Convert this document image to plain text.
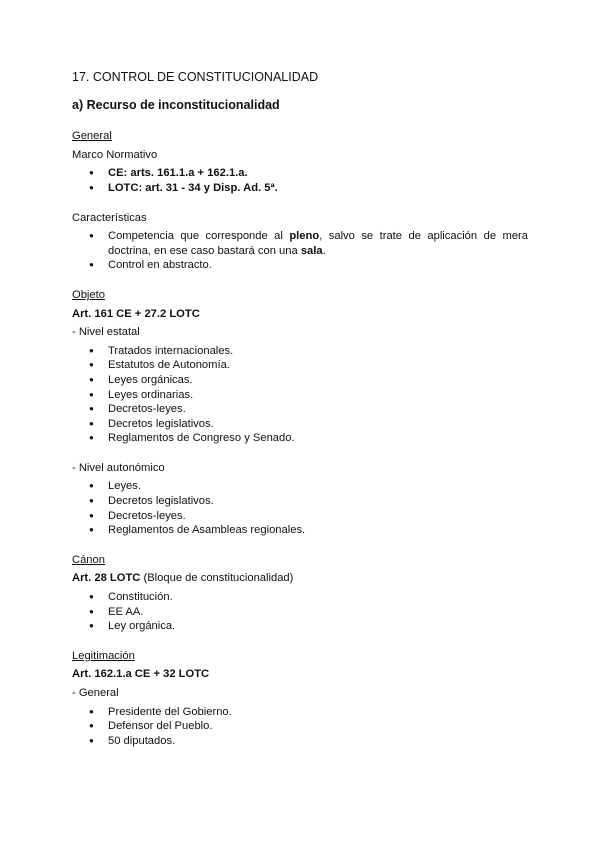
17. CONTROL DE CONSTITUCIONALIDAD
a) Recurso de inconstitucionalidad
General
Marco Normativo
● CE: arts. 161.1.a + 162.1.a.
● LOTC: art. 31 - 34 y Disp. Ad. 5ª.
Características
● Competencia que corresponde al pleno, salvo se trate de aplicación de mera doctrina, en ese caso bastará con una sala.
● Control en abstracto.
Objeto
Art. 161 CE + 27.2 LOTC
- Nivel estatal
● Tratados internacionales.
● Estatutos de Autonomía.
● Leyes orgánicas.
● Leyes ordinarias.
● Decretos-leyes.
● Decretos legislativos.
● Reglamentos de Congreso y Senado.
- Nivel autonómico
● Leyes.
● Decretos legislativos.
● Decretos-leyes.
● Reglamentos de Asambleas regionales.
Cánon
Art. 28 LOTC (Bloque de constitucionalidad)
● Constitución.
● EE AA.
● Ley orgánica.
Legitimación
Art. 162.1.a CE + 32 LOTC
- General
● Presidente del Gobierno.
● Defensor del Pueblo.
● 50 diputados.
